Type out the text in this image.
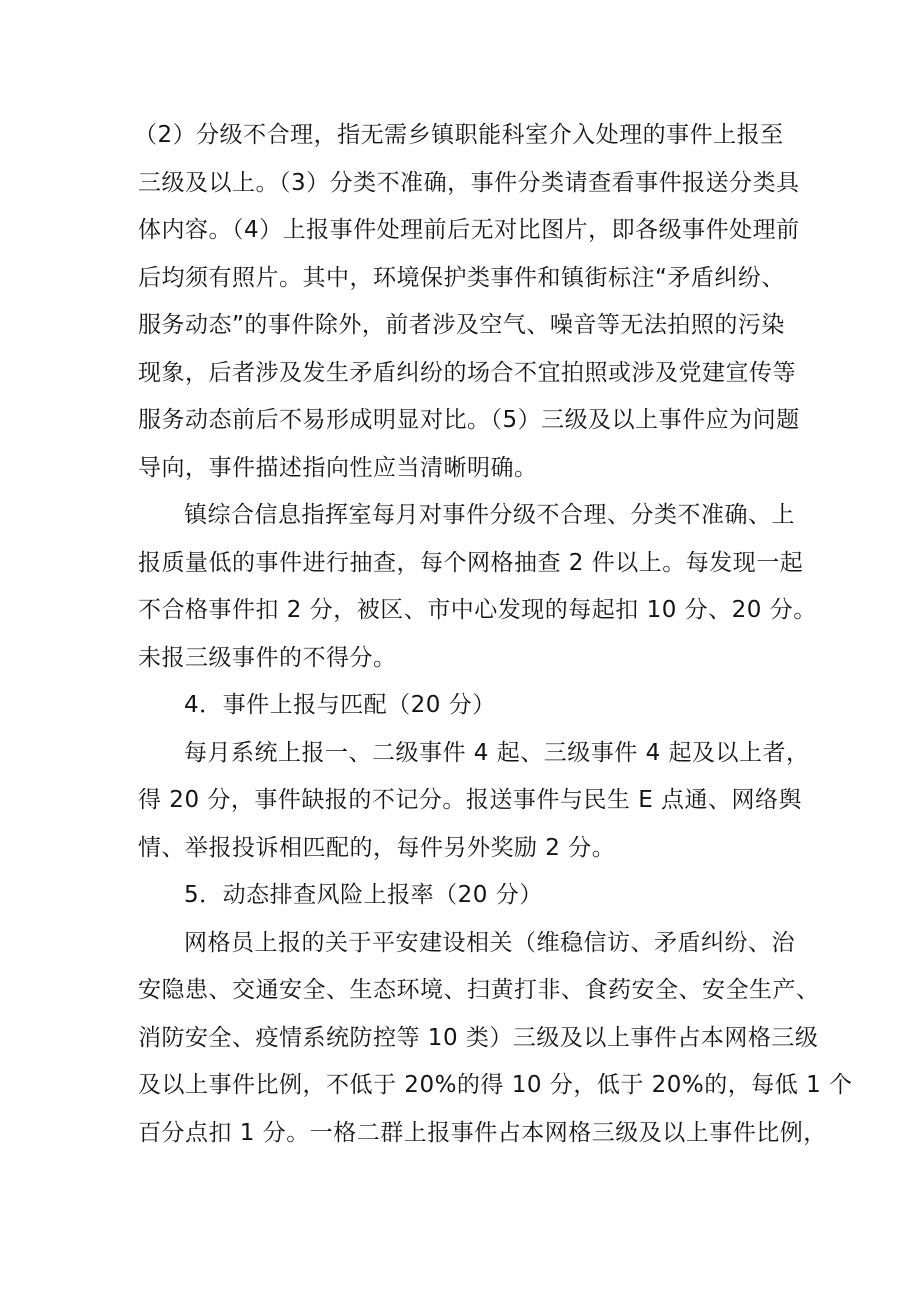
（2）分级不合理，指无需乡镇职能科室介入处理的事件上报至
三级及以上。（3）分类不准确，事件分类请查看事件报送分类具
体内容。（4）上报事件处理前后无对比图片，即各级事件处理前
后均须有照片。其中，环境保护类事件和镇街标注“矛盾纠纷、
服务动态”的事件除外，前者涉及空气、噪音等无法拍照的污染
现象，后者涉及发生矛盾纠纷的场合不宜拍照或涉及党建宣传等
服务动态前后不易形成明显对比。（5）三级及以上事件应为问题
导向，事件描述指向性应当清晰明确。
镇综合信息指挥室每月对事件分级不合理、分类不准确、上
报质量低的事件进行抽查，每个网格抽查 2 件以上。每发现一起
不合格事件扣 2 分，被区、市中心发现的每起扣 10 分、20 分。
未报三级事件的不得分。
4．事件上报与匹配（20 分）
每月系统上报一、二级事件 4 起、三级事件 4 起及以上者，
得 20 分，事件缺报的不记分。报送事件与民生 E 点通、网络舆
情、举报投诉相匹配的，每件另外奖励 2 分。
5．动态排查风险上报率（20 分）
网格员上报的关于平安建设相关（维稳信访、矛盾纠纷、治
安隐患、交通安全、生态环境、扫黄打非、食药安全、安全生产、
消防安全、疫情系统防控等 10 类）三级及以上事件占本网格三级
及以上事件比例，不低于 20%的得 10 分，低于 20%的，每低 1 个
百分点扣 1 分。一格二群上报事件占本网格三级及以上事件比例，
